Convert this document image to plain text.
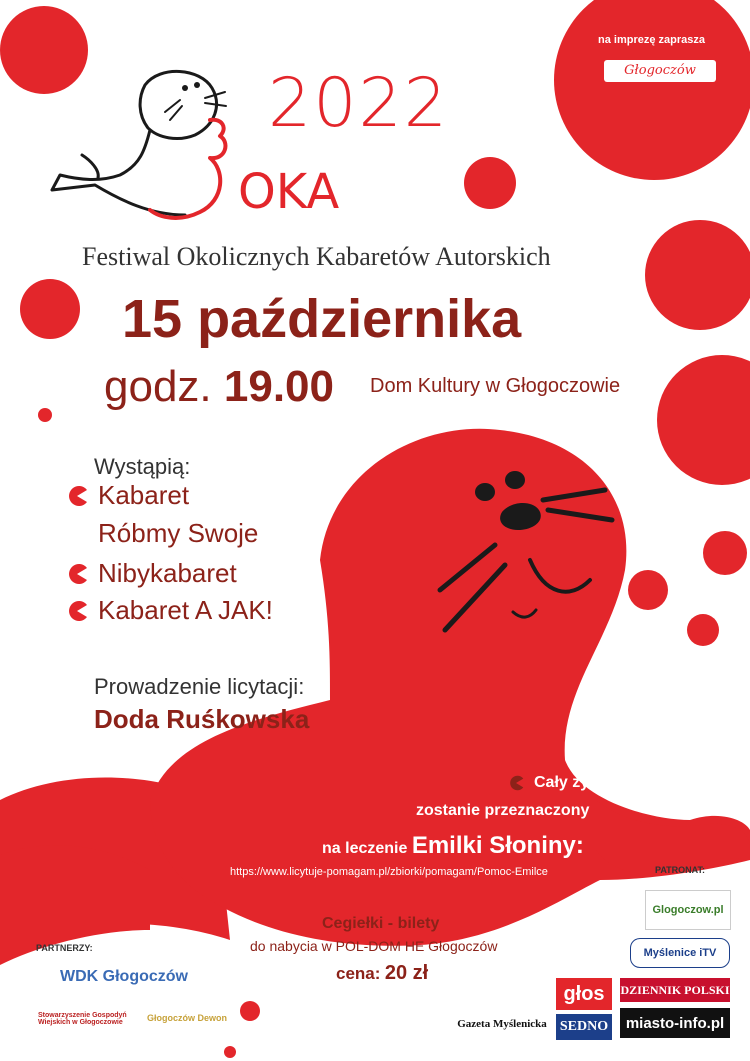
na imprezę zaprasza
Głogoczów
2022
OKA
Festiwal Okolicznych Kabaretów Autorskich
15 października
godz. 19.00 Dom Kultury w Głogoczowie
Wystąpią:
Kabaret
Róbmy Swoje
Nibykabaret
Kabaret A JAK!
Prowadzenie licytacji:
Doda Ruśkowska
Cały zysk
zostanie przeznaczony
na leczenie Emilki Słoniny:
https://www.licytuje-pomagam.pl/zbiorki/pomagam/Pomoc-Emilce
Cegiełki - bilety
do nabycia w POL-DOM HE Głogoczów
cena: 20 zł
PARTNERZY:
WDK Głogoczów
Stowarzyszenie Gospodyń Wiejskich w Głogoczowie	Głogoczów Dewon
PATRONAT:
Glogoczow.pl
Myślenice iTV
głos	DZIENNIK POLSKI
Gazeta Myślenicka SEDNO	miasto-info.pl
